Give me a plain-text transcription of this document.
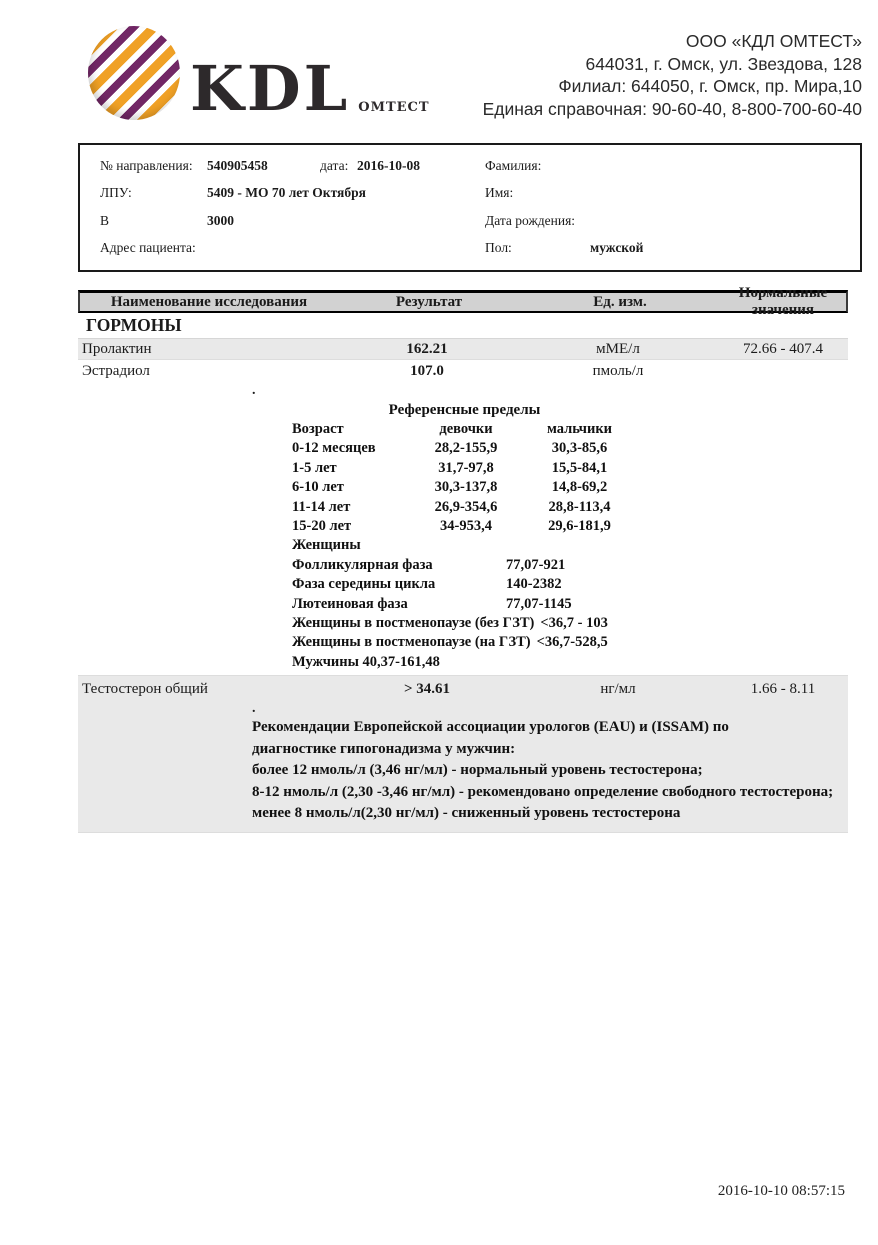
KDL ОМТЕСТ
ООО «КДЛ ОМТЕСТ»
644031, г. Омск, ул. Звездова, 128
Филиал: 644050, г. Омск, пр. Мира,10
Единая справочная: 90-60-40, 8-800-700-60-40
№ направления:	540905458	дата: 2016-10-08
ЛПУ:	5409 - МО 70 лет Октября
В	3000
Адрес пациента:
Фамилия:
Имя:
Дата рождения:
Пол:	мужской
Наименование исследования	Результат	Ед. изм.
Нормальные значения
ГОРМОНЫ
Пролактин	162.21	мМЕ/л	72.66 - 407.4
Эстрадиол	107.0	пмоль/л
.
Референсные пределы
Возраст	девочки	мальчики
0-12 месяцев	28,2-155,9	30,3-85,6
1-5 лет	31,7-97,8	15,5-84,1
6-10 лет	30,3-137,8	14,8-69,2
11-14 лет	26,9-354,6	28,8-113,4
15-20 лет	34-953,4	29,6-181,9
Женщины
Фолликулярная фаза	77,07-921
Фаза середины цикла	140-2382
Лютеиновая фаза	77,07-1145
Женщины в постменопаузе (без ГЗТ) <36,7 - 103
Женщины в постменопаузе (на ГЗТ) <36,7-528,5
Мужчины 40,37-161,48
Тестостерон общий	> 34.61	нг/мл	1.66 - 8.11
.
Рекомендации Европейской ассоциации урологов (EAU) и (ISSAM) по
диагностике гипогонадизма у мужчин:
более 12 нмоль/л (3,46 нг/мл) - нормальный уровень тестостерона;
8-12 нмоль/л (2,30 -3,46 нг/мл) - рекомендовано определение свободного тестостерона;
менее 8 нмоль/л(2,30 нг/мл) - сниженный уровень тестостерона
2016-10-10 08:57:15
